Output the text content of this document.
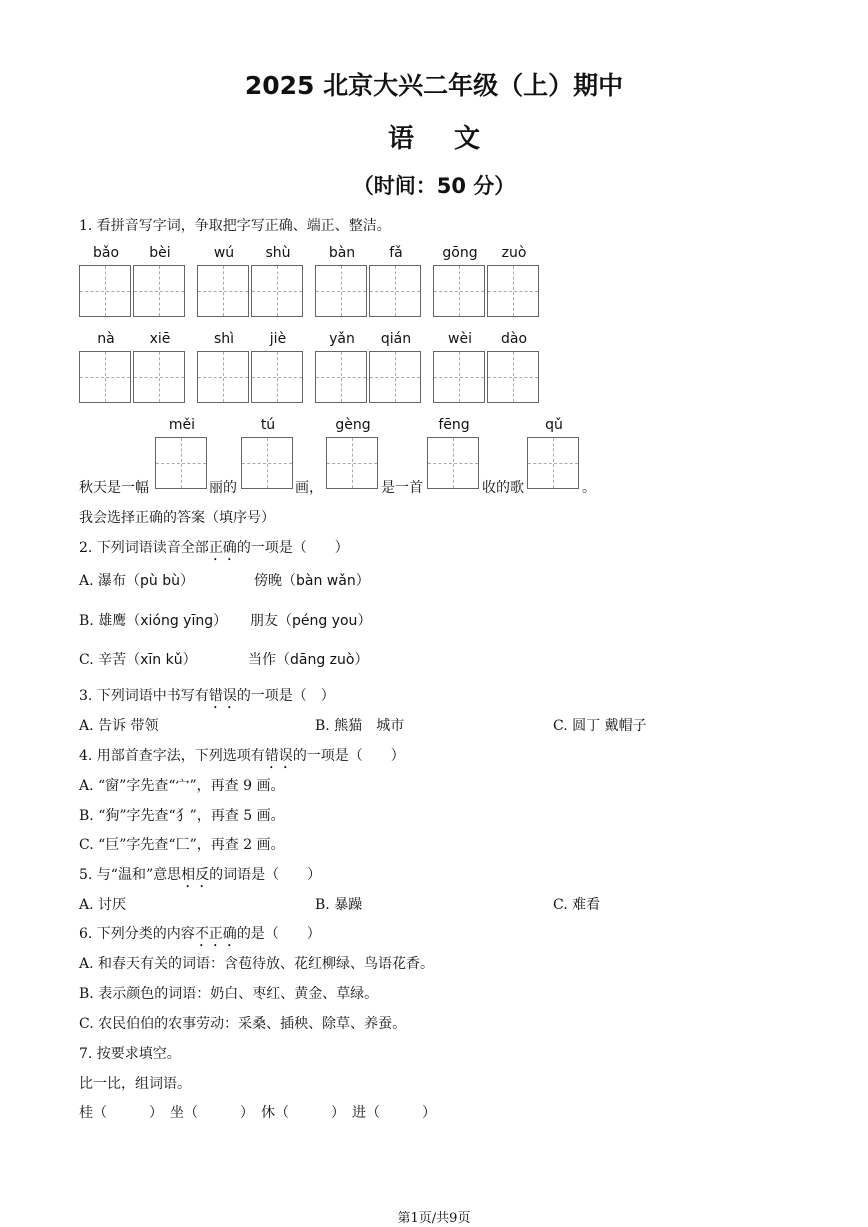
2025 北京大兴二年级（上）期中
语文
（时间：50 分）
1. 看拼音写字词，争取把字写正确、端正、整洁。
bǎo	bèi	wú	shù	bàn	fǎ	gōng	zuò
nà	xiē	shì	jiè	yǎn	qián	wèi	dào
秋天是一幅	丽的	画，	是一首	收的歌	。
měi	tú	gèng	fēng	qǔ
我会选择正确的答案（填序号）
2. 下列词语读音全部正确的一项是（　　）
A. 瀑布（pù bù）	傍晚（bàn wǎn）
B. 雄鹰（xióng yīng） 朋友（péng you）
C. 辛苦（xīn kǔ）	当作（dāng zuò）
3. 下列词语中书写有错误的一项是（　）
A. 告诉 带领	B. 熊猫　城市	C. 圆丁 戴帽子
4. 用部首查字法，下列选项有错误的一项是（　　）
A. “窗”字先查“宀”，再查 9 画。
B. “狗”字先查“犭”，再查 5 画。
C. “巨”字先查“匚”，再查 2 画。
5. 与“温和”意思相反的词语是（　　）
A. 讨厌	B. 暴躁	C. 难看
6. 下列分类的内容不正确的是（　　）
A. 和春天有关的词语：含苞待放、花红柳绿、鸟语花香。
B. 表示颜色的词语：奶白、枣红、黄金、草绿。
C. 农民伯伯的农事劳动：采桑、插秧、除草、养蚕。
7. 按要求填空。
比一比，组词语。
桂（　　　）　坐（　　　）　休（　　　）　进（　　　）
第1页/共9页
